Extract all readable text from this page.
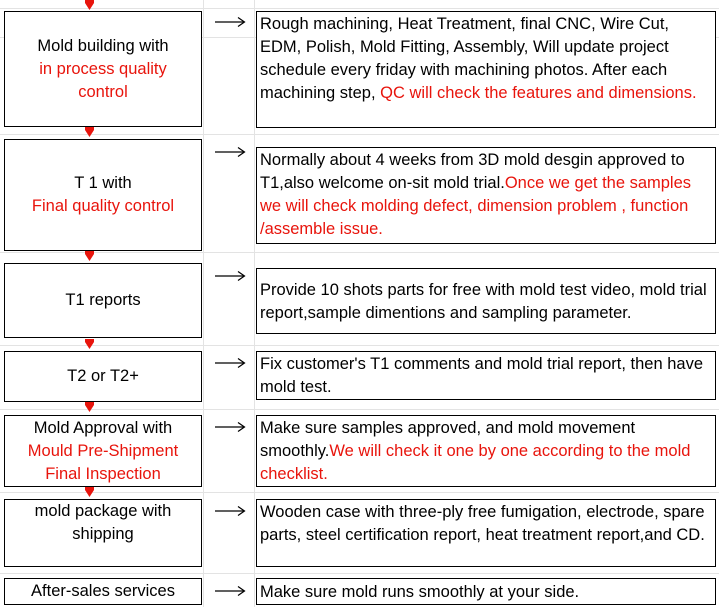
Mold building with
in process quality
control
Rough machining, Heat Treatment, final CNC, Wire Cut, EDM, Polish, Mold Fitting, Assembly, Will update project schedule every friday with machining photos. After each machining step, QC will check the features and dimensions.
T 1 with
Final quality control
Normally about 4 weeks from 3D mold desgin approved to T1,also welcome on-sit mold trial.Once we get the samples we will check molding defect, dimension problem , function /assemble issue.
T1 reports
Provide 10 shots parts for free with mold test video, mold trial report,sample dimentions and sampling parameter.
T2 or T2+
Fix customer's T1 comments and mold trial report, then have mold test.
Mold Approval with
Mould Pre-Shipment
Final Inspection
Make sure samples approved, and mold movement smoothly.We will check it one by one according to the mold checklist.
mold package with
shipping
Wooden case with three-ply free fumigation, electrode, spare parts, steel certification report, heat treatment report,and CD.
After-sales services	Make sure mold runs smoothly at your side.
